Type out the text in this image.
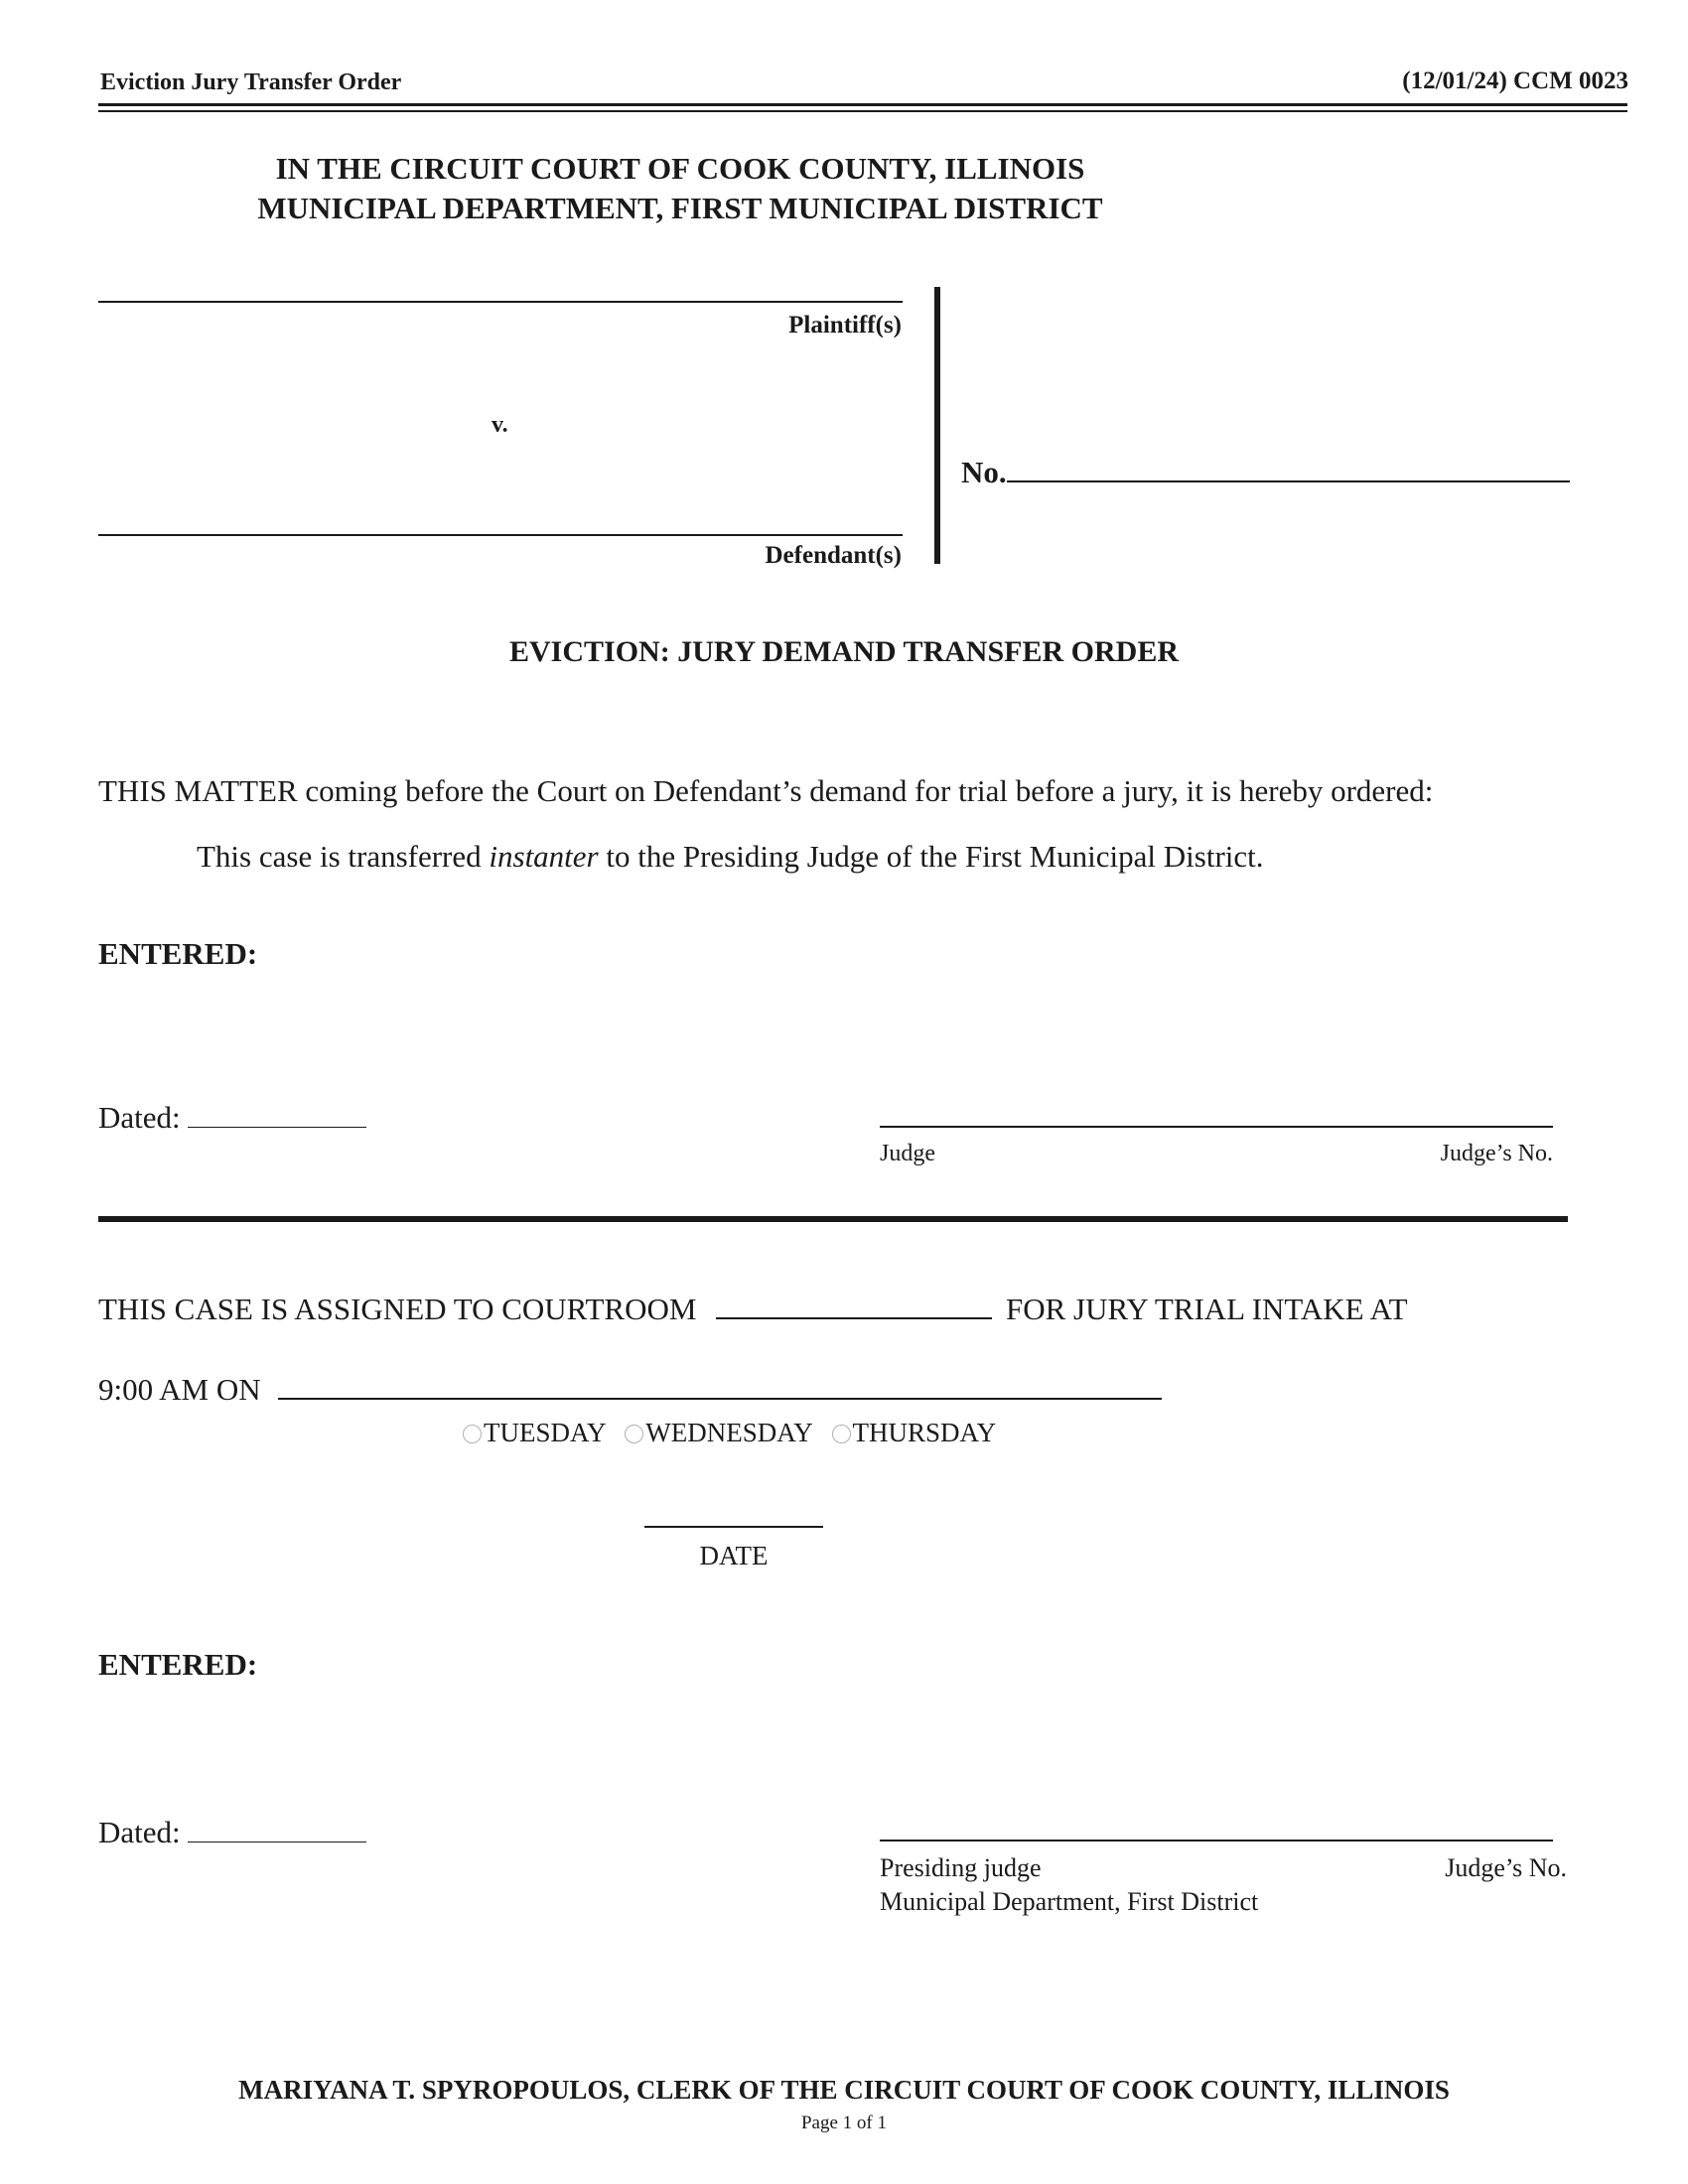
Eviction Jury Transfer Order	(12/01/24) CCM 0023
IN THE CIRCUIT COURT OF COOK COUNTY, ILLINOIS
MUNICIPAL DEPARTMENT, FIRST MUNICIPAL DISTRICT
Plaintiff(s)
v.
Defendant(s)
No.
EVICTION: JURY DEMAND TRANSFER ORDER
THIS MATTER coming before the Court on Defendant’s demand for trial before a jury, it is hereby ordered:
This case is transferred instanter to the Presiding Judge of the First Municipal District.
ENTERED:
Dated:
Judge	Judge’s No.
THIS CASE IS ASSIGNED TO COURTROOM	FOR JURY TRIAL INTAKE AT
9:00 AM ON
TUESDAY WEDNESDAY THURSDAY
DATE
ENTERED:
Dated:
Presiding judge
Municipal Department, First District
Judge’s No.
MARIYANA T. SPYROPOULOS, CLERK OF THE CIRCUIT COURT OF COOK COUNTY, ILLINOIS
Page 1 of 1
